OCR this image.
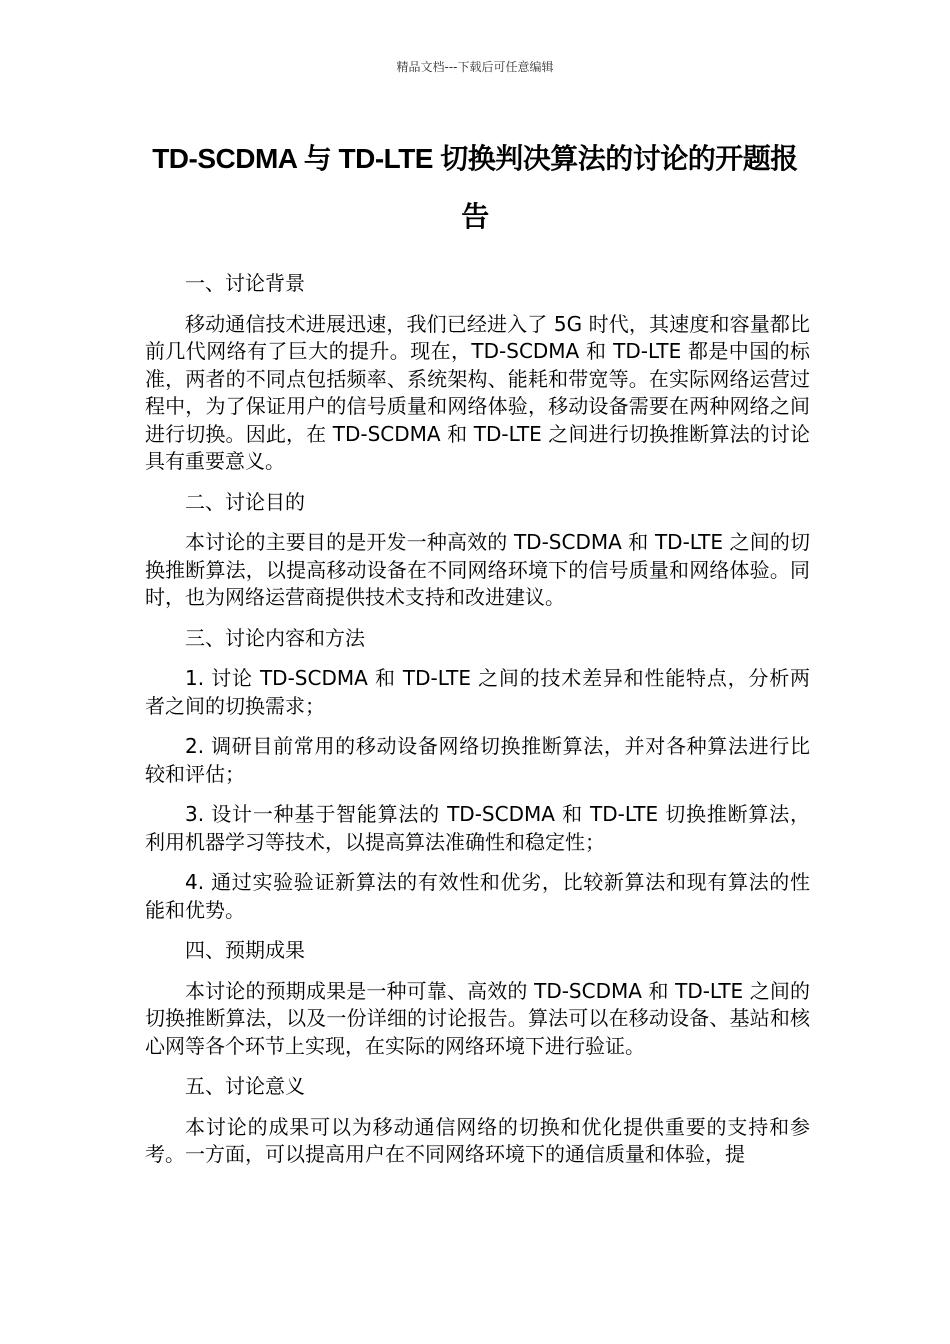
精品文档---下载后可任意编辑
TD-SCDMA 与 TD-LTE 切换判决算法的讨论的开题报告

一、讨论背景

移动通信技术进展迅速，我们已经进入了 5G 时代，其速度和容量都比前几代网络有了巨大的提升。现在，TD-SCDMA 和 TD-LTE 都是中国的标准，两者的不同点包括频率、系统架构、能耗和带宽等。在实际网络运营过程中，为了保证用户的信号质量和网络体验，移动设备需要在两种网络之间进行切换。因此，在 TD-SCDMA 和 TD-LTE 之间进行切换推断算法的讨论具有重要意义。

二、讨论目的

本讨论的主要目的是开发一种高效的 TD-SCDMA 和 TD-LTE 之间的切换推断算法，以提高移动设备在不同网络环境下的信号质量和网络体验。同时，也为网络运营商提供技术支持和改进建议。

三、讨论内容和方法

1. 讨论 TD-SCDMA 和 TD-LTE 之间的技术差异和性能特点，分析两者之间的切换需求；

2. 调研目前常用的移动设备网络切换推断算法，并对各种算法进行比较和评估；

3. 设计一种基于智能算法的 TD-SCDMA 和 TD-LTE 切换推断算法，利用机器学习等技术，以提高算法准确性和稳定性；

4. 通过实验验证新算法的有效性和优劣，比较新算法和现有算法的性能和优势。

四、预期成果

本讨论的预期成果是一种可靠、高效的 TD-SCDMA 和 TD-LTE 之间的切换推断算法，以及一份详细的讨论报告。算法可以在移动设备、基站和核心网等各个环节上实现，在实际的网络环境下进行验证。

五、讨论意义

本讨论的成果可以为移动通信网络的切换和优化提供重要的支持和参考。一方面，可以提高用户在不同网络环境下的通信质量和体验，提
